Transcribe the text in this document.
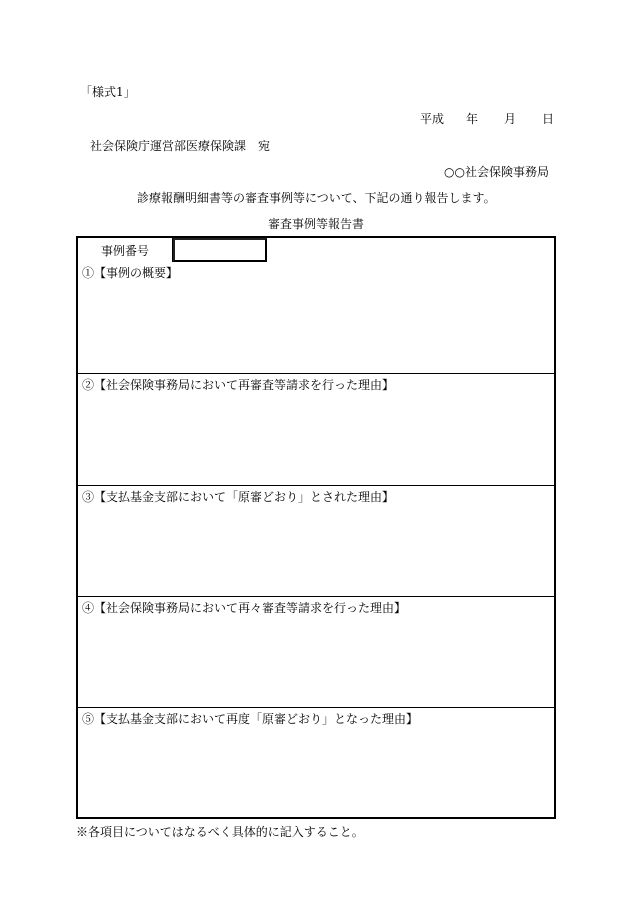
「様式1」
平成 年 月 日
社会保険庁運営部医療保険課　宛
○○社会保険事務局
診療報酬明細書等の審査事例等について、下記の通り報告します。
審査事例等報告書
事例番号
①【事例の概要】
②【社会保険事務局において再審査等請求を行った理由】
③【支払基金支部において「原審どおり」とされた理由】
④【社会保険事務局において再々審査等請求を行った理由】
⑤【支払基金支部において再度「原審どおり」となった理由】
※各項目についてはなるべく具体的に記入すること。
